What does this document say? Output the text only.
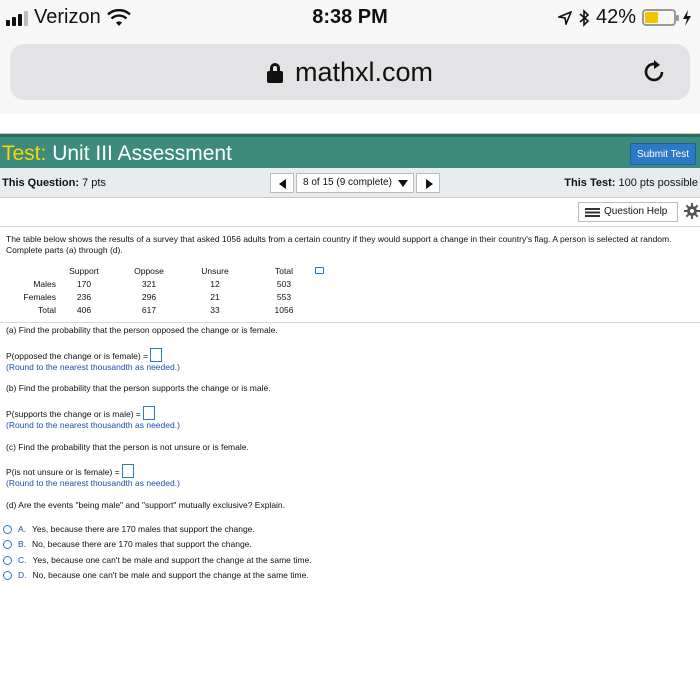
Verizon	8:38 PM	42%
mathxl.com
Test: Unit III Assessment	Submit Test
This Question: 7 pts	8 of 15 (9 complete)	This Test: 100 pts possible
Question Help
The table below shows the results of a survey that asked 1056 adults from a certain country if they would support a change in their country's flag. A person is selected at random. Complete parts (a) through (d).
	Support	Oppose	Unsure	Total
Males	170	321	12	503
Females	236	296	21	553
Total	406	617	33	1056
(a) Find the probability that the person opposed the change or is female.
P(opposed the change or is female) =
(Round to the nearest thousandth as needed.)
(b) Find the probability that the person supports the change or is male.
P(supports the change or is male) =
(Round to the nearest thousandth as needed.)
(c) Find the probability that the person is not unsure or is female.
P(is not unsure or is female) =
(Round to the nearest thousandth as needed.)
(d) Are the events "being male" and "support" mutually exclusive? Explain.
A. Yes, because there are 170 males that support the change.
B. No, because there are 170 males that support the change.
C. Yes, because one can't be male and support the change at the same time.
D. No, because one can't be male and support the change at the same time.
